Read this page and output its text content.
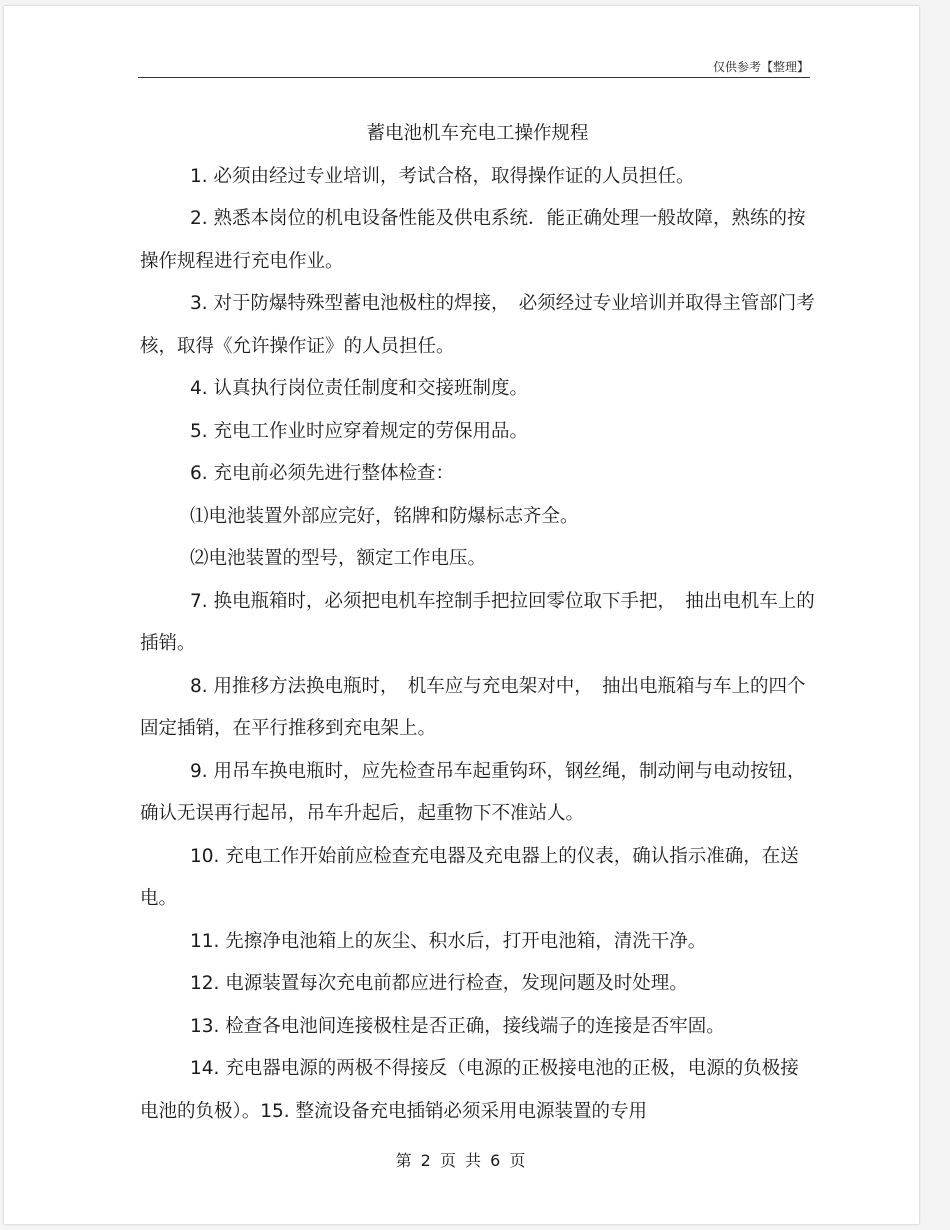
仅供参考【整理】

蓄电池机车充电工操作规程

1. 必须由经过专业培训，考试合格，取得操作证的人员担任。

2. 熟悉本岗位的机电设备性能及供电系统．能正确处理一般故障，熟练的按操作规程进行充电作业。

3. 对于防爆特殊型蓄电池极柱的焊接，　必须经过专业培训并取得主管部门考核，取得《允许操作证》的人员担任。

4. 认真执行岗位责任制度和交接班制度。

5. 充电工作业时应穿着规定的劳保用品。

6. 充电前必须先进行整体检查：

⑴电池装置外部应完好，铭牌和防爆标志齐全。

⑵电池装置的型号，额定工作电压。

7. 换电瓶箱时，必须把电机车控制手把拉回零位取下手把，　抽出电机车上的插销。

8. 用推移方法换电瓶时，　机车应与充电架对中，　抽出电瓶箱与车上的四个固定插销，在平行推移到充电架上。

9. 用吊车换电瓶时，应先检查吊车起重钩环，钢丝绳，制动闸与电动按钮，确认无误再行起吊，吊车升起后，起重物下不准站人。

10. 充电工作开始前应检查充电器及充电器上的仪表，确认指示准确，在送电。

11. 先擦净电池箱上的灰尘、积水后，打开电池箱，清洗干净。

12. 电源装置每次充电前都应进行检查，发现问题及时处理。

13. 检查各电池间连接极柱是否正确，接线端子的连接是否牢固。

14. 充电器电源的两极不得接反（电源的正极接电池的正极，电源的负极接电池的负极）。15. 整流设备充电插销必须采用电源装置的专用

第 2 页 共 6 页
